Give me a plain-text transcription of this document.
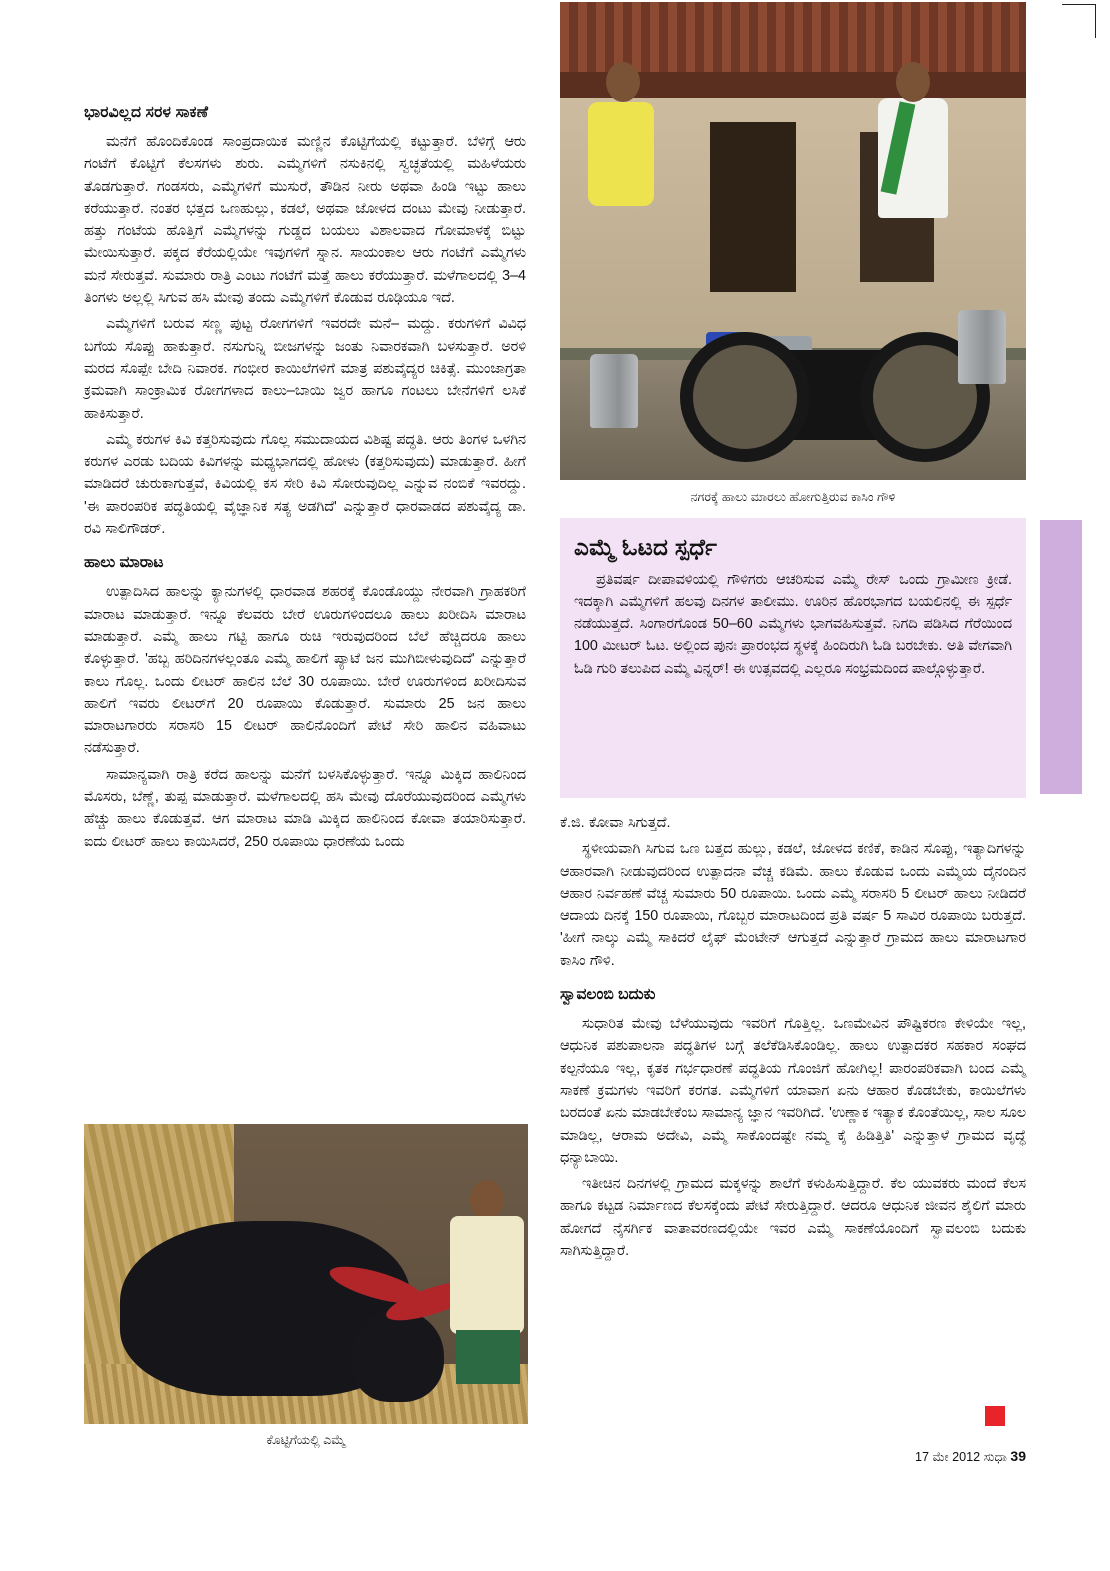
ಭಾರವಿಲ್ಲದ ಸರಳ ಸಾಕಣೆ

ಮನೆಗೆ ಹೊಂದಿಕೊಂಡ ಸಾಂಪ್ರದಾಯಿಕ ಮಣ್ಣಿನ ಕೊಟ್ಟಿಗೆಯಲ್ಲಿ ಕಟ್ಟುತ್ತಾರೆ. ಬೆಳಿಗ್ಗೆ ಆರು ಗಂಟೆಗೆ ಕೊಟ್ಟಿಗೆ ಕೆಲಸಗಳು ಶುರು. ಎಮ್ಮೆಗಳಿಗೆ ನಸುಕಿನಲ್ಲಿ ಸ್ವಚ್ಛತೆಯಲ್ಲಿ ಮಹಿಳೆಯರು ತೊಡಗುತ್ತಾರೆ. ಗಂಡಸರು, ಎಮ್ಮೆಗಳಿಗೆ ಮುಸುರೆ, ತೌಡಿನ ನೀರು ಅಥವಾ ಹಿಂಡಿ ಇಟ್ಟು ಹಾಲು ಕರೆಯುತ್ತಾರೆ. ನಂತರ ಭತ್ತದ ಒಣಹುಲ್ಲು, ಕಡಲೆ, ಅಥವಾ ಜೋಳದ ದಂಟು ಮೇವು ನೀಡುತ್ತಾರೆ. ಹತ್ತು ಗಂಟೆಯ ಹೊತ್ತಿಗೆ ಎಮ್ಮೆಗಳನ್ನು ಗುಡ್ಡದ ಬಯಲು ವಿಶಾಲವಾದ ಗೋಮಾಳಕ್ಕೆ ಬಿಟ್ಟು ಮೇಯಿಸುತ್ತಾರೆ. ಪಕ್ಕದ ಕೆರೆಯಲ್ಲಿಯೇ ಇವುಗಳಿಗೆ ಸ್ನಾನ. ಸಾಯಂಕಾಲ ಆರು ಗಂಟೆಗೆ ಎಮ್ಮೆಗಳು ಮನೆ ಸೇರುತ್ತವೆ. ಸುಮಾರು ರಾತ್ರಿ ಎಂಟು ಗಂಟೆಗೆ ಮತ್ತೆ ಹಾಲು ಕರೆಯುತ್ತಾರೆ. ಮಳೆಗಾಲದಲ್ಲಿ 3–4 ತಿಂಗಳು ಅಲ್ಲಲ್ಲಿ ಸಿಗುವ ಹಸಿ ಮೇವು ತಂದು ಎಮ್ಮೆಗಳಿಗೆ ಕೊಡುವ ರೂಢಿಯೂ ಇದೆ.

ಎಮ್ಮೆಗಳಿಗೆ ಬರುವ ಸಣ್ಣ ಪುಟ್ಟ ರೋಗಗಳಿಗೆ ಇವರದೇ ಮನೆ– ಮದ್ದು. ಕರುಗಳಿಗೆ ವಿವಿಧ ಬಗೆಯ ಸೊಪ್ಪು ಹಾಕುತ್ತಾರೆ. ನಸುಗುನ್ನಿ ಬೀಜಗಳನ್ನು ಜಂತು ನಿವಾರಕವಾಗಿ ಬಳಸುತ್ತಾರೆ. ಅರಳಿ ಮರದ ಸೊಪ್ಪೇ ಬೇದಿ ನಿವಾರಕ. ಗಂಭೀರ ಕಾಯಿಲೆಗಳಿಗೆ ಮಾತ್ರ ಪಶುವೈದ್ಯರ ಚಿಕಿತ್ಸೆ. ಮುಂಜಾಗ್ರತಾ ಕ್ರಮವಾಗಿ ಸಾಂಕ್ರಾಮಿಕ ರೋಗಗಳಾದ ಕಾಲು–ಬಾಯಿ ಜ್ವರ ಹಾಗೂ ಗಂಟಲು ಬೇನೆಗಳಿಗೆ ಲಸಿಕೆ ಹಾಕಿಸುತ್ತಾರೆ.

ಎಮ್ಮೆ ಕರುಗಳ ಕಿವಿ ಕತ್ತರಿಸುವುದು ಗೊಲ್ಲ ಸಮುದಾಯದ ವಿಶಿಷ್ಟ ಪದ್ಧತಿ. ಆರು ತಿಂಗಳ ಒಳಗಿನ ಕರುಗಳ ಎರಡು ಬದಿಯ ಕಿವಿಗಳನ್ನು ಮಧ್ಯಭಾಗದಲ್ಲಿ ಹೋಳು (ಕತ್ತರಿಸುವುದು) ಮಾಡುತ್ತಾರೆ. ಹೀಗೆ ಮಾಡಿದರೆ ಚುರುಕಾಗುತ್ತವೆ, ಕಿವಿಯಲ್ಲಿ ಕಸ ಸೇರಿ ಕಿವಿ ಸೋರುವುದಿಲ್ಲ ಎನ್ನುವ ನಂಬಿಕೆ ಇವರದ್ದು. 'ಈ ಪಾರಂಪರಿಕ ಪದ್ಧತಿಯಲ್ಲಿ ವೈಜ್ಞಾನಿಕ ಸತ್ಯ ಅಡಗಿದೆ' ಎನ್ನುತ್ತಾರೆ ಧಾರವಾಡದ ಪಶುವೈದ್ಯ ಡಾ. ರವಿ ಸಾಲಿಗೌಡರ್.

ಹಾಲು ಮಾರಾಟ

ಉತ್ಪಾದಿಸಿದ ಹಾಲನ್ನು ಕ್ಯಾನುಗಳಲ್ಲಿ ಧಾರವಾಡ ಶಹರಕ್ಕೆ ಕೊಂಡೊಯ್ದು ನೇರವಾಗಿ ಗ್ರಾಹಕರಿಗೆ ಮಾರಾಟ ಮಾಡುತ್ತಾರೆ. ಇನ್ನೂ ಕೆಲವರು ಬೇರೆ ಊರುಗಳಿಂದಲೂ ಹಾಲು ಖರೀದಿಸಿ ಮಾರಾಟ ಮಾಡುತ್ತಾರೆ. ಎಮ್ಮೆ ಹಾಲು ಗಟ್ಟಿ ಹಾಗೂ ರುಚಿ ಇರುವುದರಿಂದ ಬೆಲೆ ಹೆಚ್ಚಿದರೂ ಹಾಲು ಕೊಳ್ಳುತ್ತಾರೆ. 'ಹಬ್ಬ ಹರಿದಿನಗಳಲ್ಲಂತೂ ಎಮ್ಮೆ ಹಾಲಿಗೆ ಪ್ಯಾಟೆ ಜನ ಮುಗಿಬೀಳುವುದಿದೆ' ಎನ್ನುತ್ತಾರೆ ಕಾಲು ಗೊಲ್ಲ. ಒಂದು ಲೀಟರ್ ಹಾಲಿನ ಬೆಲೆ 30 ರೂಪಾಯಿ. ಬೇರೆ ಊರುಗಳಿಂದ ಖರೀದಿಸುವ ಹಾಲಿಗೆ ಇವರು ಲೀಟರ್‌ಗೆ 20 ರೂಪಾಯಿ ಕೊಡುತ್ತಾರೆ. ಸುಮಾರು 25 ಜನ ಹಾಲು ಮಾರಾಟಗಾರರು ಸರಾಸರಿ 15 ಲೀಟರ್ ಹಾಲಿನೊಂದಿಗೆ ಪೇಟೆ ಸೇರಿ ಹಾಲಿನ ವಹಿವಾಟು ನಡೆಸುತ್ತಾರೆ.

ಸಾಮಾನ್ಯವಾಗಿ ರಾತ್ರಿ ಕರೆದ ಹಾಲನ್ನು ಮನೆಗೆ ಬಳಸಿಕೊಳ್ಳುತ್ತಾರೆ. ಇನ್ನೂ ಮಿಕ್ಕಿದ ಹಾಲಿನಿಂದ ಮೊಸರು, ಬೆಣ್ಣೆ, ತುಪ್ಪ ಮಾಡುತ್ತಾರೆ. ಮಳೆಗಾಲದಲ್ಲಿ ಹಸಿ ಮೇವು ದೊರೆಯುವುದರಿಂದ ಎಮ್ಮೆಗಳು ಹೆಚ್ಚು ಹಾಲು ಕೊಡುತ್ತವೆ. ಆಗ ಮಾರಾಟ ಮಾಡಿ ಮಿಕ್ಕಿದ ಹಾಲಿನಿಂದ ಕೋವಾ ತಯಾರಿಸುತ್ತಾರೆ. ಐದು ಲೀಟರ್ ಹಾಲು ಕಾಯಿಸಿದರೆ, 250 ರೂಪಾಯಿ ಧಾರಣೆಯ ಒಂದು

ಕೊಟ್ಟಿಗೆಯಲ್ಲಿ ಎಮ್ಮೆ
ನಗರಕ್ಕೆ ಹಾಲು ಮಾರಲು ಹೋಗುತ್ತಿರುವ ಕಾಸಿಂ ಗೌಳಿ
ಎಮ್ಮೆ ಓಟದ ಸ್ಪರ್ಧೆ

ಪ್ರತಿವರ್ಷ ದೀಪಾವಳಿಯಲ್ಲಿ ಗೌಳಿಗರು ಆಚರಿಸುವ ಎಮ್ಮೆ ರೇಸ್ ಒಂದು ಗ್ರಾಮೀಣ ಕ್ರೀಡೆ. ಇದಕ್ಕಾಗಿ ಎಮ್ಮೆಗಳಿಗೆ ಹಲವು ದಿನಗಳ ತಾಲೀಮು. ಊರಿನ ಹೊರಭಾಗದ ಬಯಲಿನಲ್ಲಿ ಈ ಸ್ಪರ್ಧೆ ನಡೆಯುತ್ತದೆ. ಸಿಂಗಾರಗೊಂಡ 50–60 ಎಮ್ಮೆಗಳು ಭಾಗವಹಿಸುತ್ತವೆ. ನಿಗದಿ ಪಡಿಸಿದ ಗೆರೆಯಿಂದ 100 ಮೀಟರ್ ಓಟ. ಅಲ್ಲಿಂದ ಪುನಃ ಪ್ರಾರಂಭದ ಸ್ಥಳಕ್ಕೆ ಹಿಂದಿರುಗಿ ಓಡಿ ಬರಬೇಕು. ಅತಿ ವೇಗವಾಗಿ ಓಡಿ ಗುರಿ ತಲುಪಿದ ಎಮ್ಮೆ ವಿನ್ನರ್! ಈ ಉತ್ಸವದಲ್ಲಿ ಎಲ್ಲರೂ ಸಂಭ್ರಮದಿಂದ ಪಾಲ್ಗೊಳ್ಳುತ್ತಾರೆ.

ಕೆ.ಜಿ. ಕೋವಾ ಸಿಗುತ್ತದೆ.

ಸ್ಥಳೀಯವಾಗಿ ಸಿಗುವ ಒಣ ಬತ್ತದ ಹುಲ್ಲು, ಕಡಲೆ, ಜೋಳದ ಕಣಿಕೆ, ಕಾಡಿನ ಸೊಪ್ಪು, ಇತ್ಯಾದಿಗಳನ್ನು ಆಹಾರವಾಗಿ ನೀಡುವುದರಿಂದ ಉತ್ಪಾದನಾ ವೆಚ್ಚ ಕಡಿಮೆ. ಹಾಲು ಕೊಡುವ ಒಂದು ಎಮ್ಮೆಯ ದೈನಂದಿನ ಆಹಾರ ನಿರ್ವಹಣೆ ವೆಚ್ಚ ಸುಮಾರು 50 ರೂಪಾಯಿ. ಒಂದು ಎಮ್ಮೆ ಸರಾಸರಿ 5 ಲೀಟರ್ ಹಾಲು ನೀಡಿದರೆ ಆದಾಯ ದಿನಕ್ಕೆ 150 ರೂಪಾಯಿ, ಗೊಬ್ಬರ ಮಾರಾಟದಿಂದ ಪ್ರತಿ ವರ್ಷ 5 ಸಾವಿರ ರೂಪಾಯಿ ಬರುತ್ತದೆ. 'ಹೀಗೆ ನಾಲ್ಕು ಎಮ್ಮೆ ಸಾಕಿದರೆ ಲೈಫ್ ಮೆಂಟೇನ್ ಆಗುತ್ತದೆ ಎನ್ನುತ್ತಾರೆ ಗ್ರಾಮದ ಹಾಲು ಮಾರಾಟಗಾರ ಕಾಸಿಂ ಗೌಳಿ.

ಸ್ವಾವಲಂಬಿ ಬದುಕು

ಸುಧಾರಿತ ಮೇವು ಬೆಳೆಯುವುದು ಇವರಿಗೆ ಗೊತ್ತಿಲ್ಲ. ಒಣಮೇವಿನ ಪೌಷ್ಟಿಕರಣ ಕೇಳಿಯೇ ಇಲ್ಲ, ಆಧುನಿಕ ಪಶುಪಾಲನಾ ಪದ್ಧತಿಗಳ ಬಗ್ಗೆ ತಲೆಕೆಡಿಸಿಕೊಂಡಿಲ್ಲ. ಹಾಲು ಉತ್ಪಾದಕರ ಸಹಕಾರ ಸಂಘದ ಕಲ್ಪನೆಯೂ ಇಲ್ಲ, ಕೃತಕ ಗರ್ಭಧಾರಣೆ ಪದ್ಧತಿಯ ಗೊಂಜಿಗೆ ಹೋಗಿಲ್ಲ! ಪಾರಂಪರಿಕವಾಗಿ ಬಂದ ಎಮ್ಮೆ ಸಾಕಣೆ ಕ್ರಮಗಳು ಇವರಿಗೆ ಕರಗತ. ಎಮ್ಮೆಗಳಿಗೆ ಯಾವಾಗ ಏನು ಆಹಾರ ಕೊಡಬೇಕು, ಕಾಯಿಲೆಗಳು ಬರದಂತೆ ಏನು ಮಾಡಬೇಕೆಂಬ ಸಾಮಾನ್ಯ ಜ್ಞಾನ ಇವರಿಗಿದೆ. 'ಉಣ್ಣಾಕ ಇತ್ಯಾಕ ಕೊಂತೆಯಿಲ್ಲ, ಸಾಲ ಸೂಲ ಮಾಡಿಲ್ಲ, ಆರಾಮ ಅದೇವಿ, ಎಮ್ಮೆ ಸಾಕೊಂದಷ್ಟೇ ನಮ್ಮ ಕೈ ಹಿಡಿತ್ತಿತಿ' ಎನ್ನುತ್ತಾಳೆ ಗ್ರಾಮದ ವೃದ್ಧೆ ಧನ್ಯಾಬಾಯಿ.

ಇತೀಚಿನ ದಿನಗಳಲ್ಲಿ ಗ್ರಾಮದ ಮಕ್ಕಳನ್ನು ಶಾಲೆಗೆ ಕಳುಹಿಸುತ್ತಿದ್ದಾರೆ. ಕೆಲ ಯುವಕರು ಮಂದೆ ಕೆಲಸ ಹಾಗೂ ಕಟ್ಟಡ ನಿರ್ಮಾಣದ ಕೆಲಸಕ್ಕೆಂದು ಪೇಟೆ ಸೇರುತ್ತಿದ್ದಾರೆ. ಆದರೂ ಆಧುನಿಕ ಜೀವನ ಶೈಲಿಗೆ ಮಾರು ಹೋಗದೆ ನೈಸರ್ಗಿಕ ವಾತಾವರಣದಲ್ಲಿಯೇ ಇವರ ಎಮ್ಮೆ ಸಾಕಣೆಯೊಂದಿಗೆ ಸ್ವಾವಲಂಬಿ ಬದುಕು ಸಾಗಿಸುತ್ತಿದ್ದಾರೆ.

17 ಮೇ 2012 ಸುಧಾ 39
